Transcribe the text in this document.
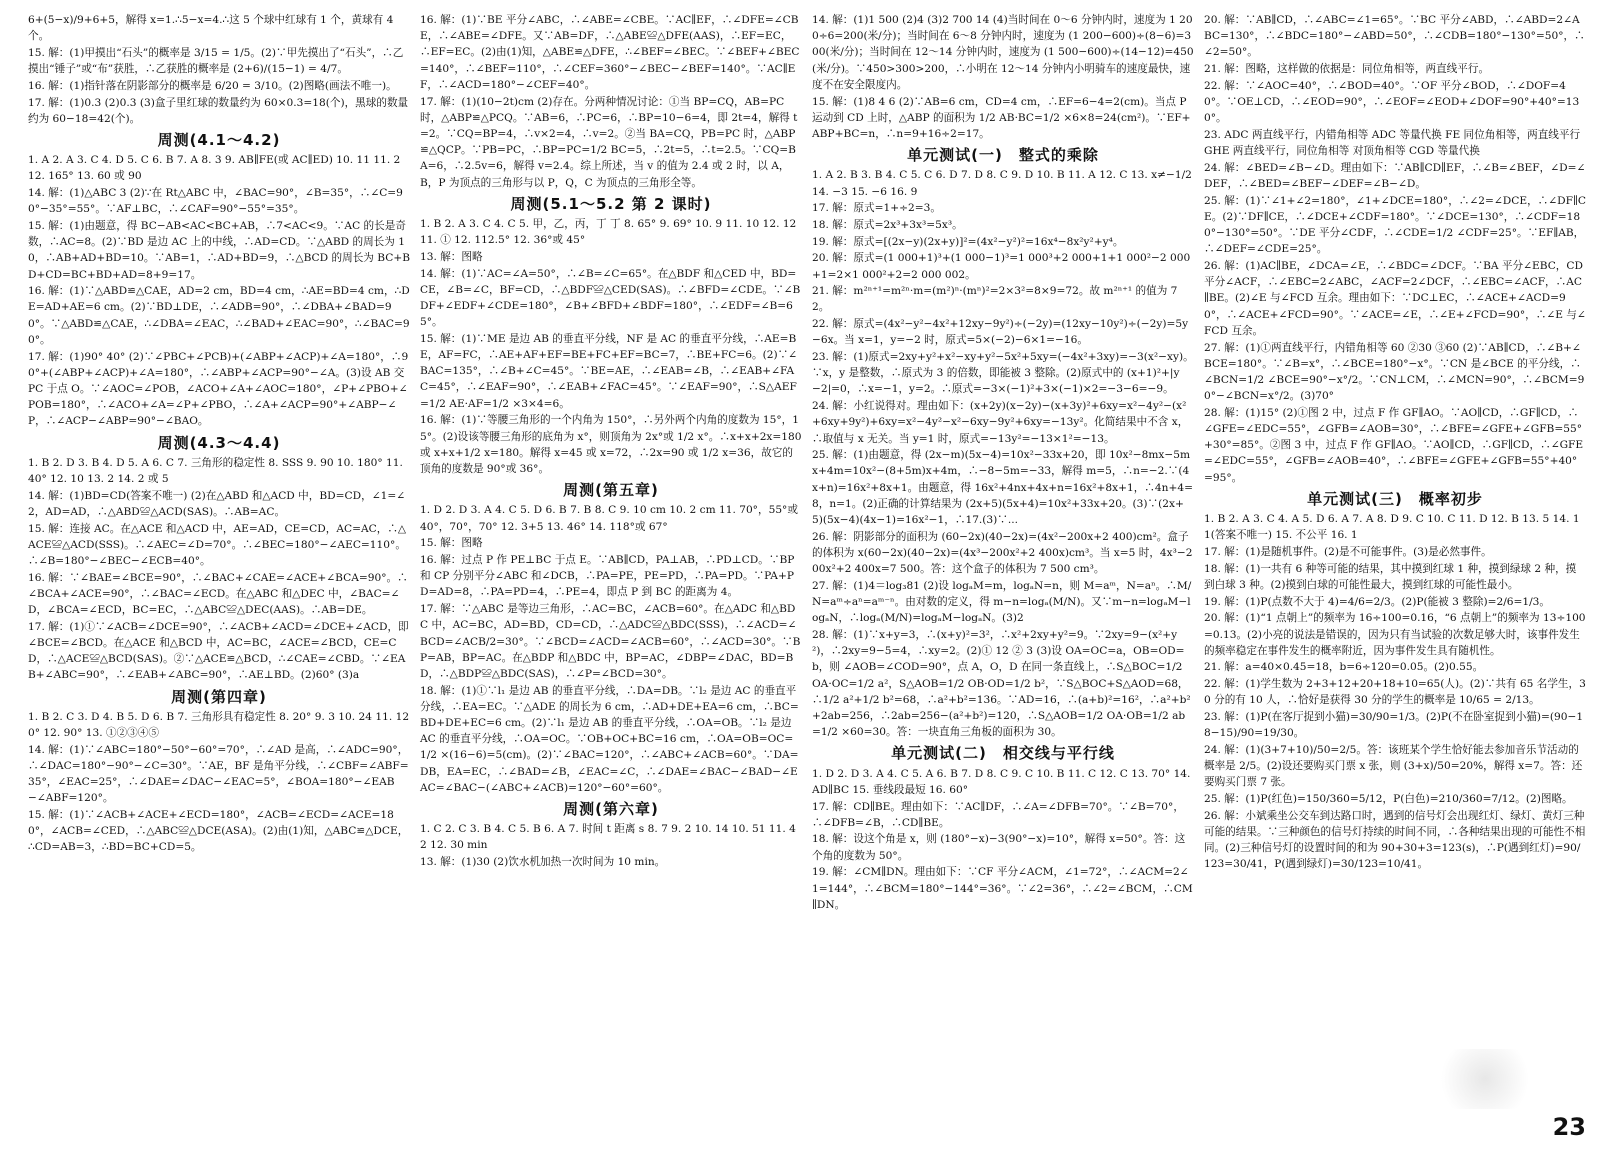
6+(5−x)/9+6+5，解得 x=1.∴5−x=4.∴这 5 个球中红球有 1 个，黄球有 4 个。

15. 解：(1)甲摸出“石头”的概率是 3/15 = 1/5。(2)∵甲先摸出了“石头”，∴乙摸出“锤子”或“布”获胜，∴乙获胜的概率是 (2+6)/(15−1) = 4/7。

16. 解：(1)指针落在阴影部分的概率是 6/20 = 3/10。(2)图略(画法不唯一)。

17. 解：(1)0.3 (2)0.3 (3)盒子里红球的数量约为 60×0.3=18(个)，黑球的数量约为 60−18=42(个)。

周测(4.1～4.2)

1. A 2. A 3. C 4. D 5. C 6. B 7. A 8. 3 9. AB∥FE(或 AC∥ED) 10. 11 11. 2 12. 165° 13. 60 或 90

14. 解：(1)△ABC 3 (2)∵在 Rt△ABC 中，∠BAC=90°，∠B=35°，∴∠C=90°−35°=55°。∵AF⊥BC，∴∠CAF=90°−55°=35°。

15. 解：(1)由题意，得 BC−AB<AC<BC+AB，∴7<AC<9。∵AC 的长是奇数，∴AC=8。(2)∵BD 是边 AC 上的中线，∴AD=CD。∵△ABD 的周长为 10，∴AB+AD+BD=10。∵AB=1，∴AD+BD=9，∴△BCD 的周长为 BC+BD+CD=BC+BD+AD=8+9=17。

16. 解：(1)∵△ABD≌△CAE，AD=2 cm，BD=4 cm，∴AE=BD=4 cm，∴DE=AD+AE=6 cm。(2)∵BD⊥DE，∴∠ADB=90°，∴∠DBA+∠BAD=90°。∵△ABD≌△CAE，∴∠DBA=∠EAC，∴∠BAD+∠EAC=90°，∴∠BAC=90°。

17. 解：(1)90° 40° (2)∵∠PBC+∠PCB)+(∠ABP+∠ACP)+∠A=180°，∴90°+(∠ABP+∠ACP)+∠A=180°，∴∠ABP+∠ACP=90°−∠A。(3)设 AB 交 PC 于点 O。∵∠AOC=∠POB，∠ACO+∠A+∠AOC=180°，∠P+∠PBO+∠POB=180°，∴∠ACO+∠A=∠P+∠PBO，∴∠A+∠ACP=90°+∠ABP−∠P，∴∠ACP−∠ABP=90°−∠BAO。

周测(4.3～4.4)

1. B 2. D 3. B 4. D 5. A 6. C 7. 三角形的稳定性 8. SSS 9. 90 10. 180° 11. 40° 12. 10 13. 2 14. 2 或 5

14. 解：(1)BD=CD(答案不唯一) (2)在△ABD 和△ACD 中，BD=CD，∠1=∠2，AD=AD，∴△ABD≌△ACD(SAS)。∴AB=AC。

15. 解：连接 AC。在△ACE 和△ACD 中，AE=AD，CE=CD，AC=AC，∴△ACE≌△ACD(SSS)。∴∠AEC=∠D=70°。∴∠BEC=180°−∠AEC=110°。∴∠B=180°−∠BEC−∠ECB=40°。

16. 解：∵∠BAE=∠BCE=90°，∴∠BAC+∠CAE=∠ACE+∠BCA=90°。∴∠BCA+∠ACE=90°，∴∠BAC=∠ECD。在△ABC 和△DEC 中，∠BAC=∠D，∠BCA=∠ECD，BC=EC，∴△ABC≌△DEC(AAS)。∴AB=DE。

17. 解：(1)①∵∠ACB=∠DCE=90°，∴∠ACB+∠ACD=∠DCE+∠ACD，即∠BCE=∠BCD。在△ACE 和△BCD 中，AC=BC，∠ACE=∠BCD，CE=CD，∴△ACE≌△BCD(SAS)。②∵△ACE≌△BCD，∴∠CAE=∠CBD。∵∠EAB+∠ABC=90°，∴∠EAB+∠ABC=90°，∴AE⊥BD。(2)60° (3)a

周测(第四章)

1. B 2. C 3. D 4. B 5. D 6. B 7. 三角形具有稳定性 8. 20° 9. 3 10. 24 11. 120° 12. 90° 13. ①②③④⑤

14. 解：(1)∵∠ABC=180°−50°−60°=70°，∴∠AD 是高，∴∠ADC=90°，∴∠DAC=180°−90°−∠C=30°。∵AE，BF 是角平分线，∴∠CBF=∠ABF=35°，∠EAC=25°，∴∠DAE=∠DAC−∠EAC=5°，∠BOA=180°−∠EAB−∠ABF=120°。

15. 解：(1)∵∠ACB+∠ACE+∠ECD=180°，∠ACB=∠ECD=∠ACE=180°，∠ACB=∠CED，∴△ABC≌△DCE(ASA)。(2)由(1)知，△ABC≌△DCE，∴CD=AB=3，∴BD=BC+CD=5。

16. 解：(1)∵BE 平分∠ABC，∴∠ABE=∠CBE。∵AC∥EF，∴∠DFE=∠CBE，∴∠ABE=∠DFE。又∵AB=DF，∴△ABE≌△DFE(AAS)，∴EF=EC，∴EF=EC。(2)由(1)知，△ABE≌△DFE，∴∠BEF=∠BEC。∵∠BEF+∠BEC=140°，∴∠BEF=110°，∴∠CEF=360°−∠BEC−∠BEF=140°。∵AC∥EF，∴∠ACD=180°−∠CEF=40°。

17. 解：(1)(10−2t)cm (2)存在。分两种情况讨论：①当 BP=CQ，AB=PC 时，△ABP≌△PCQ。∵AB=6，∴PC=6，∴BP=10−6=4，即 2t=4，解得 t=2。∵CQ=BP=4，∴v×2=4，∴v=2。②当 BA=CQ，PB=PC 时，△ABP≌△QCP。∵PB=PC，∴BP=PC=1/2 BC=5，∴2t=5，∴t=2.5。∵CQ=BA=6，∴2.5v=6，解得 v=2.4。综上所述，当 v 的值为 2.4 或 2 时，以 A，B，P 为顶点的三角形与以 P，Q，C 为顶点的三角形全等。

周测(5.1～5.2 第 2 课时)

1. B 2. A 3. C 4. C 5. 甲，乙，丙，丁 丁 8. 65° 9. 69° 10. 9 11. 10 12. 12 11. ① 12. 112.5° 12. 36°或 45°

13. 解：图略

14. 解：(1)∵AC=∠A=50°，∴∠B=∠C=65°。在△BDF 和△CED 中，BD=CE，∠B=∠C，BF=CD，∴△BDF≌△CED(SAS)。∴∠BFD=∠CDE。∵∠BDF+∠EDF+∠CDE=180°，∠B+∠BFD+∠BDF=180°，∴∠EDF=∠B=65°。

15. 解：(1)∵ME 是边 AB 的垂直平分线，NF 是 AC 的垂直平分线，∴AE=BE，AF=FC，∴AE+AF+EF=BE+FC+EF=BC=7，∴BE+FC=6。(2)∵∠BAC=135°，∴∠B+∠C=45°。∵BE=AE，∴∠EAB=∠B，∴∠EAB+∠FAC=45°，∴∠EAF=90°，∴∠EAB+∠FAC=45°。∵∠EAF=90°，∴S△AEF=1/2 AE·AF=1/2 ×3×4=6。

16. 解：(1)∵等腰三角形的一个内角为 150°，∴另外两个内角的度数为 15°，15°。(2)设该等腰三角形的底角为 x°，则顶角为 2x°或 1/2 x°。∴x+x+2x=180 或 x+x+1/2 x=180。解得 x=45 或 x=72，∴2x=90 或 1/2 x=36，故它的顶角的度数是 90°或 36°。

周测(第五章)

1. D 2. D 3. A 4. C 5. D 6. B 7. B 8. C 9. 10 cm 10. 2 cm 11. 70°，55°或 40°，70°，70° 12. 3+5 13. 46° 14. 118°或 67°

15. 解：图略

16. 解：过点 P 作 PE⊥BC 于点 E。∵AB∥CD，PA⊥AB，∴PD⊥CD。∵BP 和 CP 分别平分∠ABC 和∠DCB，∴PA=PE，PE=PD，∴PA=PD。∵PA+PD=AD=8，∴PA=PD=4，∴PE=4，即点 P 到 BC 的距离为 4。

17. 解：∵△ABC 是等边三角形，∴AC=BC，∠ACB=60°。在△ADC 和△BDC 中，AC=BC，AD=BD，CD=CD，∴△ADC≌△BDC(SSS)，∴∠ACD=∠BCD=∠ACB/2=30°。∵∠BCD=∠ACD=∠ACB=60°，∴∠ACD=30°。∵BP=AB，BP=AC。在△BDP 和△BDC 中，BP=AC，∠DBP=∠DAC，BD=BD，∴△BDP≌△BDC(SAS)，∴∠P=∠BCD=30°。

18. 解：(1)①∵l₁ 是边 AB 的垂直平分线，∴DA=DB。∵l₂ 是边 AC 的垂直平分线，∴EA=EC。∵△ADE 的周长为 6 cm，∴AD+DE+EA=6 cm，∴BC=BD+DE+EC=6 cm。(2)∵l₁ 是边 AB 的垂直平分线，∴OA=OB。∵l₂ 是边 AC 的垂直平分线，∴OA=OC。∵OB+OC+BC=16 cm，∴OA=OB=OC=1/2 ×(16−6)=5(cm)。(2)∵∠BAC=120°，∴∠ABC+∠ACB=60°。∵DA=DB，EA=EC，∴∠BAD=∠B，∠EAC=∠C，∴∠DAE=∠BAC−∠BAD−∠EAC=∠BAC−(∠ABC+∠ACB)=120°−60°=60°。

周测(第六章)

1. C 2. C 3. B 4. C 5. B 6. A 7. 时间 t 距离 s 8. 7 9. 2 10. 14 10. 51 11. 42 12. 30 min

13. 解：(1)30 (2)饮水机加热一次时间为 10 min。

14. 解：(1)1 500 (2)4 (3)2 700 14 (4)当时间在 0～6 分钟内时，速度为 1 200÷6=200(米/分)；当时间在 6～8 分钟内时，速度为 (1 200−600)÷(8−6)=300(米/分)；当时间在 12～14 分钟内时，速度为 (1 500−600)÷(14−12)=450(米/分)。∵450>300>200，∴小明在 12～14 分钟内小明骑车的速度最快，速度不在安全限度内。

15. 解：(1)8 4 6 (2)∵AB=6 cm，CD=4 cm，∴EF=6−4=2(cm)。当点 P 运动到 CD 上时，△ABP 的面积为 1/2 AB·BC=1/2 ×6×8=24(cm²)。∵EF+ABP+BC=n，∴n=9+16÷2=17。

单元测试(一)　整式的乘除

1. A 2. B 3. B 4. C 5. C 6. D 7. D 8. C 9. D 10. B 11. A 12. C 13. x≠−1/2 14. −3 15. −6 16. 9

17. 解：原式=1+÷2=3。

18. 解：原式=2x³+3x³=5x³。

19. 解：原式=[(2x−y)(2x+y)]²=(4x²−y²)²=16x⁴−8x²y²+y⁴。

20. 解：原式=(1 000+1)³+(1 000−1)³=1 000³+2 000+1+1 000²−2 000+1=2×1 000²+2=2 000 002。

21. 解：m²ⁿ⁺¹=m²ⁿ·m=(m²)ⁿ·(mⁿ)²=2×3²=8×9=72。故 m²ⁿ⁺¹ 的值为 72。

22. 解：原式=(4x²−y²−4x²+12xy−9y²)÷(−2y)=(12xy−10y²)÷(−2y)=5y−6x。当 x=1，y=−2 时，原式=5×(−2)−6×1=−16。

23. 解：(1)原式=2xy+y²+x²−xy+y²−5x²+5xy=(−4x²+3xy)=−3(x²−xy)。∵x，y 是整数，∴原式为 3 的倍数，即能被 3 整除。(2)原式中的 (x+1)²+|y−2|=0，∴x=−1，y=2。∴原式=−3×(−1)²+3×(−1)×2=−3−6=−9。

24. 解：小红说得对。理由如下：(x+2y)(x−2y)−(x+3y)²+6xy=x²−4y²−(x²+6xy+9y²)+6xy=x²−4y²−x²−6xy−9y²+6xy=−13y²。化简结果中不含 x，∴取值与 x 无关。当 y=1 时，原式=−13y²=−13×1²=−13。

25. 解：(1)由题意，得 (2x−m)(5x−4)=10x²−33x+20，即 10x²−8mx−5mx+4m=10x²−(8+5m)x+4m，∴−8−5m=−33，解得 m=5，∴n=−2.∵(4x+n)=16x²+8x+1。由题意，得 16x²+4nx+4x+n=16x²+8x+1，∴4n+4=8，n=1。(2)正确的计算结果为 (2x+5)(5x+4)=10x²+33x+20。(3)∵(2x+5)(5x−4)(4x−1)=16x²−1，∴17.(3)∵...

26. 解：阴影部分的面积为 (60−2x)(40−2x)=(4x²−200x+2 400)cm²。盒子的体积为 x(60−2x)(40−2x)=(4x³−200x²+2 400x)cm³。当 x=5 时，4x³−200x²+2 400x=7 500。答：这个盒子的体积为 7 500 cm³。

27. 解：(1)4＝log₃81 (2)设 logₐM=m，logₐN=n，则 M=aᵐ，N=aⁿ。∴M/N=aᵐ÷aⁿ=aᵐ⁻ⁿ。由对数的定义，得 m−n=logₐ(M/N)。又∵m−n=logₐM−logₐN，∴logₐ(M/N)=logₐM−logₐN。(3)2

28. 解：(1)∵x+y=3，∴(x+y)²=3²，∴x²+2xy+y²=9。∵2xy=9−(x²+y²)，∴2xy=9−5=4，∴xy=2。(2)① 12 ② 3 (3)设 OA=OC=a，OB=OD=b，则 ∠AOB=∠COD=90°，点 A，O，D 在同一条直线上，∴S△BOC=1/2 OA·OC=1/2 a²，S△AOB=1/2 OB·OD=1/2 b²，∵S△BOC+S△AOD=68，∴1/2 a²+1/2 b²=68，∴a²+b²=136。∵AD=16，∴(a+b)²=16²，∴a²+b²+2ab=256，∴2ab=256−(a²+b²)=120，∴S△AOB=1/2 OA·OB=1/2 ab=1/2 ×60=30。答：一块直角三角板的面积为 30。

单元测试(二)　相交线与平行线

1. D 2. D 3. A 4. C 5. A 6. B 7. D 8. C 9. C 10. B 11. C 12. C 13. 70° 14. AD∥BC 15. 垂线段最短 16. 60°

17. 解：CD∥BE。理由如下：∵AC∥DF，∴∠A=∠DFB=70°。∵∠B=70°，∴∠DFB=∠B，∴CD∥BE。

18. 解：设这个角是 x，则 (180°−x)−3(90°−x)=10°，解得 x=50°。答：这个角的度数为 50°。

19. 解：∠CM∥DN。理由如下：∵CF 平分∠ACM，∠1=72°，∴∠ACM=2∠1=144°，∴∠BCM=180°−144°=36°。∵∠2=36°，∴∠2=∠BCM，∴CM∥DN。

20. 解：∵AB∥CD，∴∠ABC=∠1=65°。∵BC 平分∠ABD，∴∠ABD=2∠ABC=130°，∴∠BDC=180°−∠ABD=50°，∴∠CDB=180°−130°=50°，∴∠2=50°。

21. 解：图略，这样做的依据是：同位角相等，两直线平行。

22. 解：∵∠AOC=40°，∴∠BOD=40°。∵OF 平分∠BOD，∴∠DOF=40°。∵OE⊥CD，∴∠EOD=90°，∴∠EOF=∠EOD+∠DOF=90°+40°=130°。

23. ADC 两直线平行，内错角相等 ADC 等量代换 FE 同位角相等，两直线平行 GHE 两直线平行，同位角相等 对顶角相等 CGD 等量代换

24. 解：∠BED=∠B−∠D。理由如下：∵AB∥CD∥EF，∴∠B=∠BEF，∠D=∠DEF，∴∠BED=∠BEF−∠DEF=∠B−∠D。

25. 解：(1)∵∠1+∠2=180°，∠1+∠DCE=180°，∴∠2=∠DCE，∴∠DF∥CE。(2)∵DF∥CE，∴∠DCE+∠CDF=180°。∵∠DCE=130°，∴∠CDF=180°−130°=50°。∵DE 平分∠CDF，∴∠CDE=1/2 ∠CDF=25°。∵EF∥AB，∴∠DEF=∠CDE=25°。

26. 解：(1)AC∥BE，∠DCA=∠E，∴∠BDC=∠DCF。∵BA 平分∠EBC，CD 平分∠ACF，∴∠EBC=2∠ABC，∠ACF=2∠DCF，∴∠EBC=∠ACF，∴AC∥BE。(2)∠E 与∠FCD 互余。理由如下：∵DC⊥EC，∴∠ACE+∠ACD=90°，∴∠ACE+∠FCD=90°。∵∠ACE=∠E，∴∠E+∠FCD=90°，∴∠E 与∠FCD 互余。

27. 解：(1)①两直线平行，内错角相等 60 ②30 ③60 (2)∵AB∥CD，∴∠B+∠BCE=180°。∵∠B=x°，∴∠BCE=180°−x°。∵CN 是∠BCE 的平分线，∴∠BCN=1/2 ∠BCE=90°−x°/2。∵CN⊥CM，∴∠MCN=90°，∴∠BCM=90°−∠BCN=x°/2。(3)70°

28. 解：(1)15° (2)①图 2 中，过点 F 作 GF∥AO。∵AO∥CD，∴GF∥CD，∴∠GFE=∠EDC=55°，∠GFB=∠AOB=30°，∴∠BFE=∠GFE+∠GFB=55°+30°=85°。②图 3 中，过点 F 作 GF∥AO。∵AO∥CD，∴GF∥CD，∴∠GFE=∠EDC=55°，∠GFB=∠AOB=40°，∴∠BFE=∠GFE+∠GFB=55°+40°=95°。

单元测试(三)　概率初步

1. B 2. A 3. C 4. A 5. D 6. A 7. A 8. D 9. C 10. C 11. D 12. B 13. 5 14. 11(答案不唯一) 15. 不公平 16. 1

17. 解：(1)是随机事件。(2)是不可能事件。(3)是必然事件。

18. 解：(1)一共有 6 种等可能的结果，其中摸到红球 1 种，摸到绿球 2 种，摸到白球 3 种。(2)摸到白球的可能性最大，摸到红球的可能性最小。

19. 解：(1)P(点数不大于 4)=4/6=2/3。(2)P(能被 3 整除)=2/6=1/3。

20. 解：(1)“1 点朝上”的频率为 16÷100=0.16，“6 点朝上”的频率为 13÷100=0.13。(2)小亮的说法是错误的，因为只有当试验的次数足够大时，该事件发生的频率稳定在事件发生的概率附近，因为事件发生具有随机性。

21. 解：a=40×0.45=18，b=6÷120=0.05。(2)0.55。

22. 解：(1)学生数为 2+3+12+20+18+10=65(人)。(2)∵共有 65 名学生，30 分的有 10 人，∴恰好是获得 30 分的学生的概率是 10/65 = 2/13。

23. 解：(1)P(在客厅捉到小猫)=30/90=1/3。(2)P(不在卧室捉到小猫)=(90−18−15)/90=19/30。

24. 解：(1)(3+7+10)/50=2/5。答：该班某个学生恰好能去参加音乐节活动的概率是 2/5。(2)设还要购买门票 x 张，则 (3+x)/50=20%，解得 x=7。答：还要购买门票 7 张。

25. 解：(1)P(红色)=150/360=5/12，P(白色)=210/360=7/12。(2)图略。

26. 解：小斌乘坐公交车到达路口时，遇到的信号灯会出现红灯、绿灯、黄灯三种可能的结果。∵三种颜色的信号灯持续的时间不同，∴各种结果出现的可能性不相同。(2)三种信号灯的设置时间的和为 90+30+3=123(s)，∴P(遇到红灯)=90/123=30/41，P(遇到绿灯)=30/123=10/41。

23
